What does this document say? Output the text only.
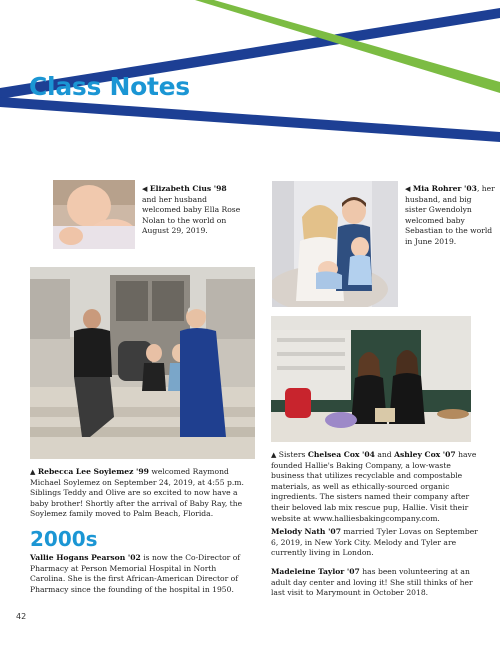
Class Notes

◀ Elizabeth Cius '98 and her husband welcomed baby Ella Rose Nolan to the world on August 29, 2019.

◀ Mia Rohrer '03, her husband, and big sister Gwendolyn welcomed baby Sebastian to the world in June 2019.

▲ Sisters Chelsea Cox '04 and Ashley Cox '07 have founded Hallie's Baking Company, a low-waste business that utilizes recyclable and compostable materials, as well as ethically-sourced organic ingredients. The sisters named their company after their beloved lab mix rescue pup, Hallie. Visit their website at www.halliesbakingcompany.com.

Melody Nath '07 married Tyler Lovas on September 6, 2019, in New York City. Melody and Tyler are currently living in London.

Madeleine Taylor '07 has been volunteering at an adult day center and loving it! She still thinks of her last visit to Marymount in October 2018.

▲ Rebecca Lee Soylemez '99 welcomed Raymond Michael Soylemez on September 24, 2019, at 4:55 p.m. Siblings Teddy and Olive are so excited to now have a baby brother! Shortly after the arrival of Baby Ray, the Soylemez family moved to Palm Beach, Florida.

2000s

Vallie Hogans Pearson '02 is now the Co-Director of Pharmacy at Person Memorial Hospital in North Carolina. She is the first African-American Director of Pharmacy since the founding of the hospital in 1950.

42
